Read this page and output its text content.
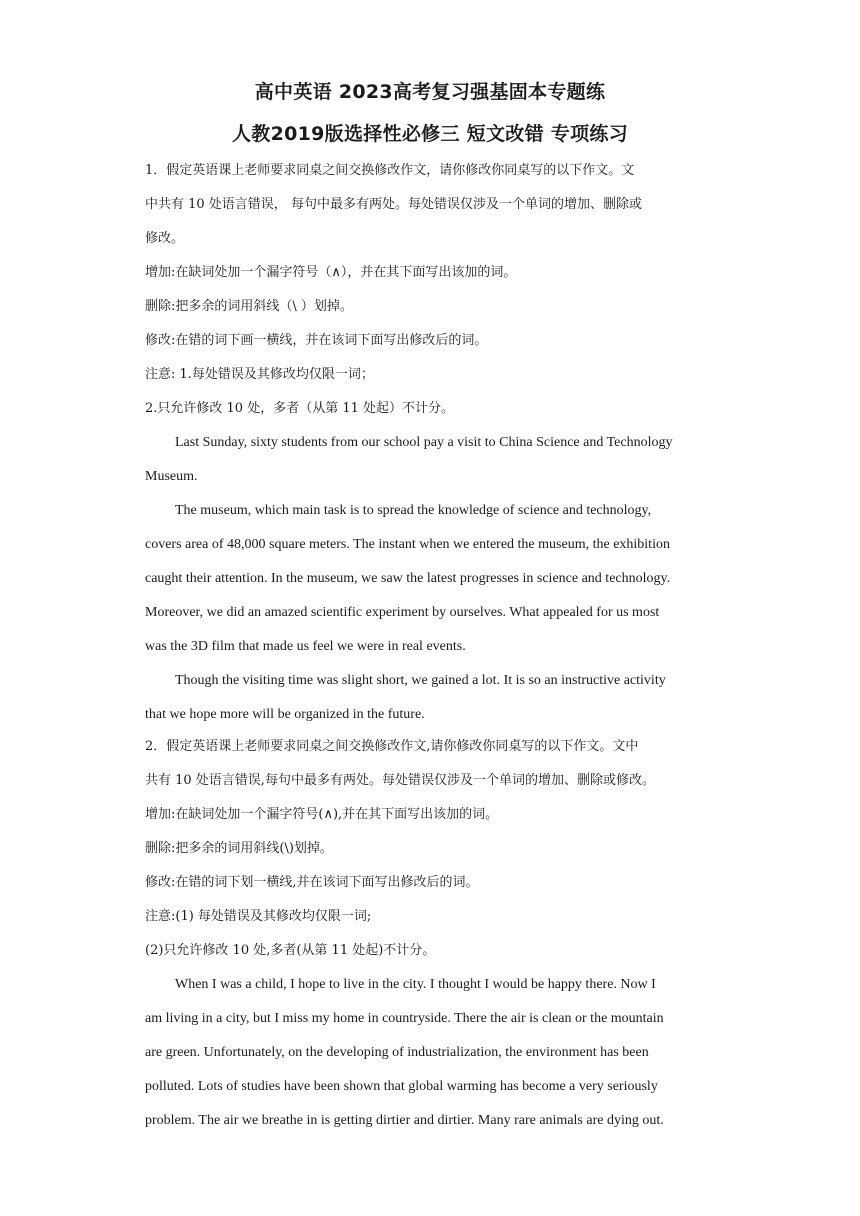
高中英语 2023高考复习强基固本专题练
人教2019版选择性必修三 短文改错 专项练习
1．假定英语课上老师要求同桌之间交换修改作文，请你修改你同桌写的以下作文。文
中共有 10 处语言错误， 每句中最多有两处。每处错误仅涉及一个单词的增加、删除或
修改。
增加:在缺词处加一个漏字符号（∧），并在其下面写出该加的词。
删除:把多余的词用斜线（\ ）划掉。
修改:在错的词下画一横线，并在该词下面写出修改后的词。
注意: 1.每处错误及其修改均仅限一词；
2.只允许修改 10 处，多者（从第 11 处起）不计分。
Last Sunday, sixty students from our school pay a visit to China Science and Technology
Museum.
The museum, which main task is to spread the knowledge of science and technology,
covers area of 48,000 square meters. The instant when we entered the museum, the exhibition
caught their attention. In the museum, we saw the latest progresses in science and technology.
Moreover, we did an amazed scientific experiment by ourselves. What appealed for us most
was the 3D film that made us feel we were in real events.
Though the visiting time was slight short, we gained a lot. It is so an instructive activity
that we hope more will be organized in the future.
2．假定英语课上老师要求同桌之间交换修改作文,请你修改你同桌写的以下作文。文中
共有 10 处语言错误,每句中最多有两处。每处错误仅涉及一个单词的增加、删除或修改。
增加:在缺词处加一个漏字符号(∧),并在其下面写出该加的词。
删除:把多余的词用斜线(\)划掉。
修改:在错的词下划一横线,并在该词下面写出修改后的词。
注意:(1) 每处错误及其修改均仅限一词;
(2)只允许修改 10 处,多者(从第 11 处起)不计分。
When I was a child, I hope to live in the city. I thought I would be happy there. Now I
am living in a city, but I miss my home in countryside. There the air is clean or the mountain
are green. Unfortunately, on the developing of industrialization, the environment has been
polluted. Lots of studies have been shown that global warming has become a very seriously
problem. The air we breathe in is getting dirtier and dirtier. Many rare animals are dying out.
